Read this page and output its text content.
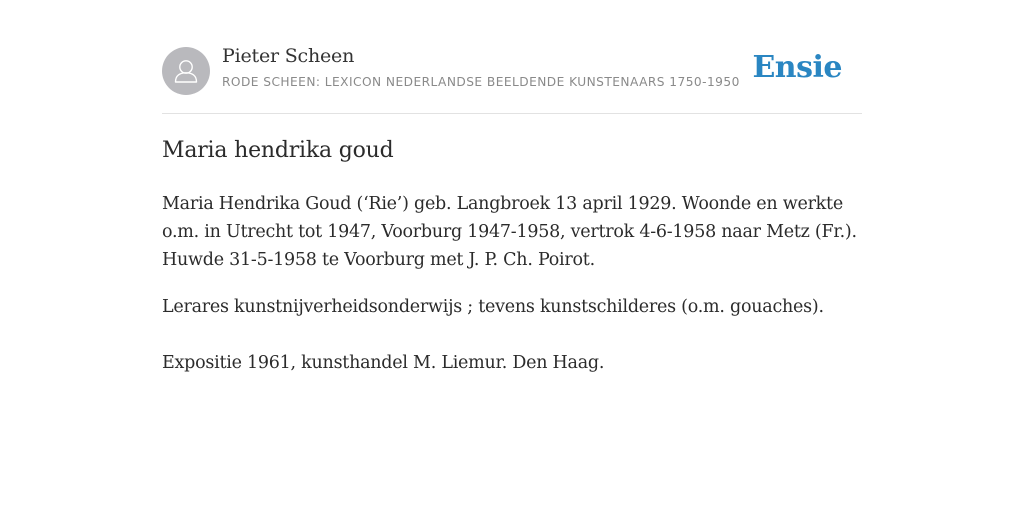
Pieter Scheen
RODE SCHEEN: LEXICON NEDERLANDSE BEELDENDE KUNSTENAARS 1750-1950 Ensie
Maria hendrika goud

Maria Hendrika Goud (‘Rie’) geb. Langbroek 13 april 1929. Woonde en werkte o.m. in Utrecht tot 1947, Voorburg 1947-1958, vertrok 4-6-1958 naar Metz (Fr.). Huwde 31-5-1958 te Voorburg met J. P. Ch. Poirot.

Lerares kunstnijverheidsonderwijs ; tevens kunstschilderes (o.m. gouaches).

Expositie 1961, kunsthandel M. Liemur. Den Haag.
